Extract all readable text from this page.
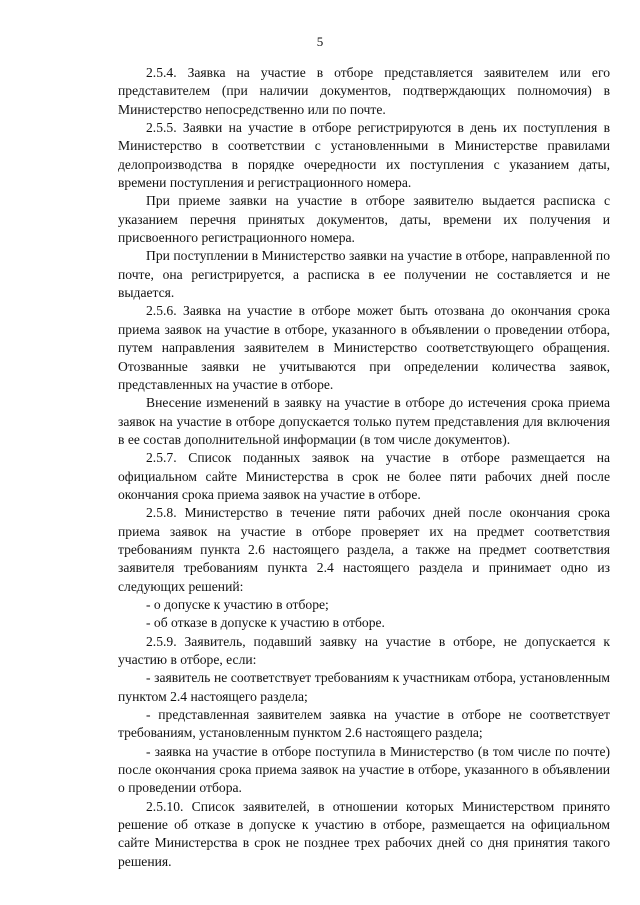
5

2.5.4. Заявка на участие в отборе представляется заявителем или его представителем (при наличии документов, подтверждающих полномочия) в Министерство непосредственно или по почте.

2.5.5. Заявки на участие в отборе регистрируются в день их поступления в Министерство в соответствии с установленными в Министерстве правилами делопроизводства в порядке очередности их поступления с указанием даты, времени поступления и регистрационного номера.

При приеме заявки на участие в отборе заявителю выдается расписка с указанием перечня принятых документов, даты, времени их получения и присвоенного регистрационного номера.

При поступлении в Министерство заявки на участие в отборе, направленной по почте, она регистрируется, а расписка в ее получении не составляется и не выдается.

2.5.6. Заявка на участие в отборе может быть отозвана до окончания срока приема заявок на участие в отборе, указанного в объявлении о проведении отбора, путем направления заявителем в Министерство соответствующего обращения. Отозванные заявки не учитываются при определении количества заявок, представленных на участие в отборе.

Внесение изменений в заявку на участие в отборе до истечения срока приема заявок на участие в отборе допускается только путем представления для включения в ее состав дополнительной информации (в том числе документов).

2.5.7. Список поданных заявок на участие в отборе размещается на официальном сайте Министерства в срок не более пяти рабочих дней после окончания срока приема заявок на участие в отборе.

2.5.8. Министерство в течение пяти рабочих дней после окончания срока приема заявок на участие в отборе проверяет их на предмет соответствия требованиям пункта 2.6 настоящего раздела, а также на предмет соответствия заявителя требованиям пункта 2.4 настоящего раздела и принимает одно из следующих решений:

- о допуске к участию в отборе;

- об отказе в допуске к участию в отборе.

2.5.9. Заявитель, подавший заявку на участие в отборе, не допускается к участию в отборе, если:

- заявитель не соответствует требованиям к участникам отбора, установленным пунктом 2.4 настоящего раздела;

- представленная заявителем заявка на участие в отборе не соответствует требованиям, установленным пунктом 2.6 настоящего раздела;

- заявка на участие в отборе поступила в Министерство (в том числе по почте) после окончания срока приема заявок на участие в отборе, указанного в объявлении о проведении отбора.

2.5.10. Список заявителей, в отношении которых Министерством принято решение об отказе в допуске к участию в отборе, размещается на официальном сайте Министерства в срок не позднее трех рабочих дней со дня принятия такого решения.
